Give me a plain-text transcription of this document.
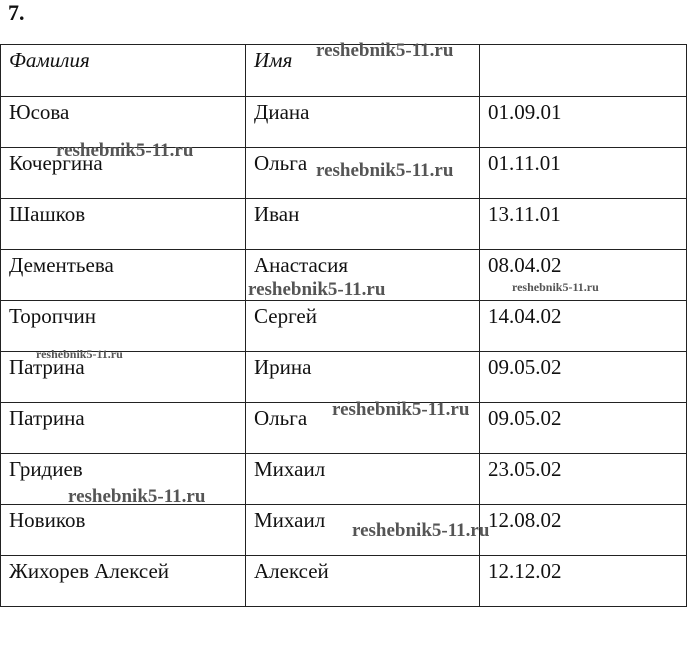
7.
Фамилия	Имя	

Юсова	Диана	01.09.01

Кочергина	Ольга	01.11.01

Шашков	Иван	13.11.01

Дементьева	Анастасия	08.04.02

Торопчин	Сергей	14.04.02

Патрина	Ирина	09.05.02

Патрина	Ольга	09.05.02

Гридиев	Михаил	23.05.02

Новиков	Михаил	12.08.02

Жихорев Алексей	Алексей	12.12.02
reshebnik5-11.ru
reshebnik5-11.ru
reshebnik5-11.ru
reshebnik5-11.ru	reshebnik5-11.ru
reshebnik5-11.ru
reshebnik5-11.ru
reshebnik5-11.ru
reshebnik5-11.ru
